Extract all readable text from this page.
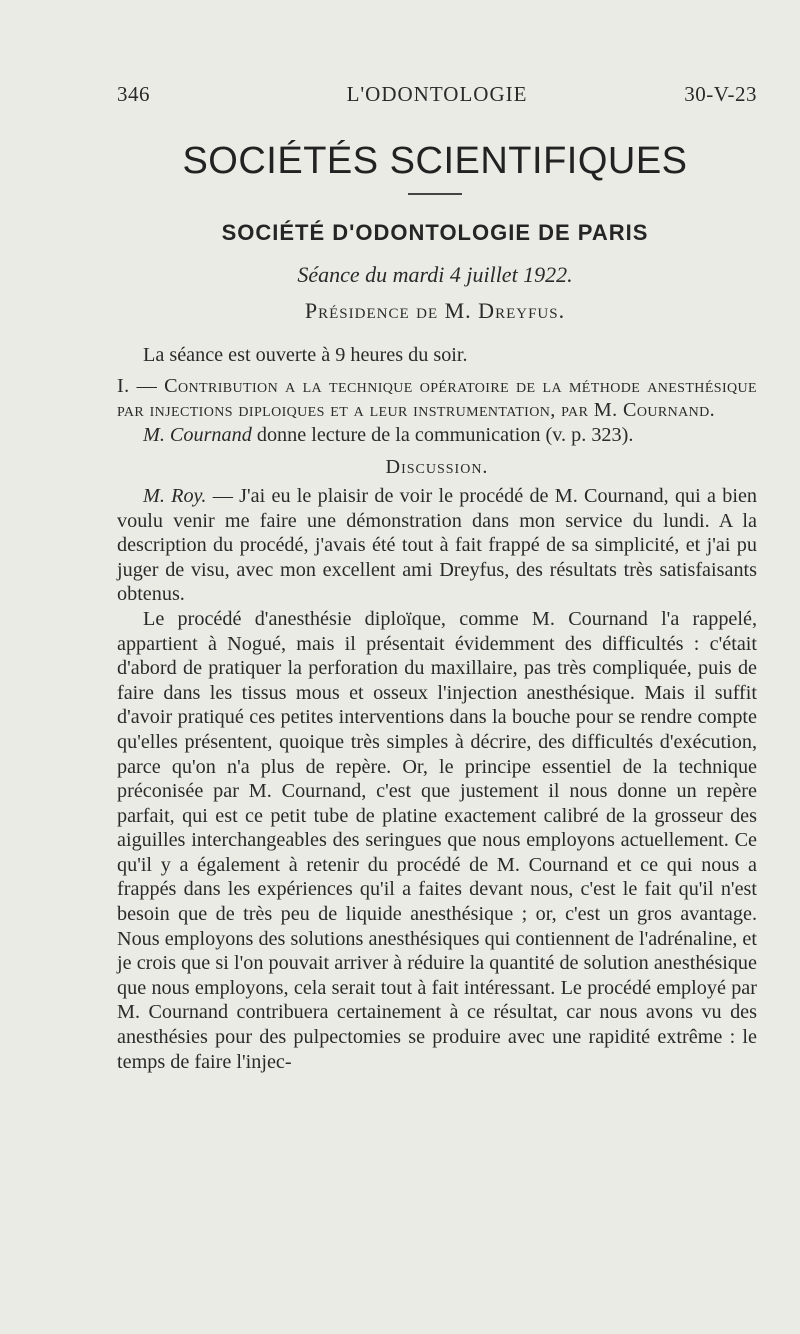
346	L'ODONTOLOGIE	30-V-23
SOCIÉTÉS SCIENTIFIQUES
SOCIÉTÉ D'ODONTOLOGIE DE PARIS
Séance du mardi 4 juillet 1922.
Présidence de M. Dreyfus.

La séance est ouverte à 9 heures du soir.

I. — Contribution a la technique opératoire de la méthode anesthésique par injections diploiques et a leur instrumentation, par M. Cournand.

M. Cournand donne lecture de la communication (v. p. 323).

Discussion.

M. Roy. — J'ai eu le plaisir de voir le procédé de M. Cournand, qui a bien voulu venir me faire une démonstration dans mon service du lundi. A la description du procédé, j'avais été tout à fait frappé de sa simplicité, et j'ai pu juger de visu, avec mon excellent ami Dreyfus, des résultats très satisfaisants obtenus.

Le procédé d'anesthésie diploïque, comme M. Cournand l'a rappelé, appartient à Nogué, mais il présentait évidemment des difficultés : c'était d'abord de pratiquer la perforation du maxillaire, pas très compliquée, puis de faire dans les tissus mous et osseux l'injection anesthésique. Mais il suffit d'avoir pratiqué ces petites interventions dans la bouche pour se rendre compte qu'elles présentent, quoique très simples à décrire, des difficultés d'exécution, parce qu'on n'a plus de repère. Or, le principe essentiel de la technique préconisée par M. Cournand, c'est que justement il nous donne un repère parfait, qui est ce petit tube de platine exactement calibré de la grosseur des aiguilles interchangeables des seringues que nous employons actuellement. Ce qu'il y a également à retenir du procédé de M. Cournand et ce qui nous a frappés dans les expériences qu'il a faites devant nous, c'est le fait qu'il n'est besoin que de très peu de liquide anesthésique ; or, c'est un gros avantage. Nous employons des solutions anesthésiques qui contiennent de l'adrénaline, et je crois que si l'on pouvait arriver à réduire la quantité de solution anesthésique que nous employons, cela serait tout à fait intéressant. Le procédé employé par M. Cournand contribuera certainement à ce résultat, car nous avons vu des anesthésies pour des pulpectomies se produire avec une rapidité extrême : le temps de faire l'injec-
